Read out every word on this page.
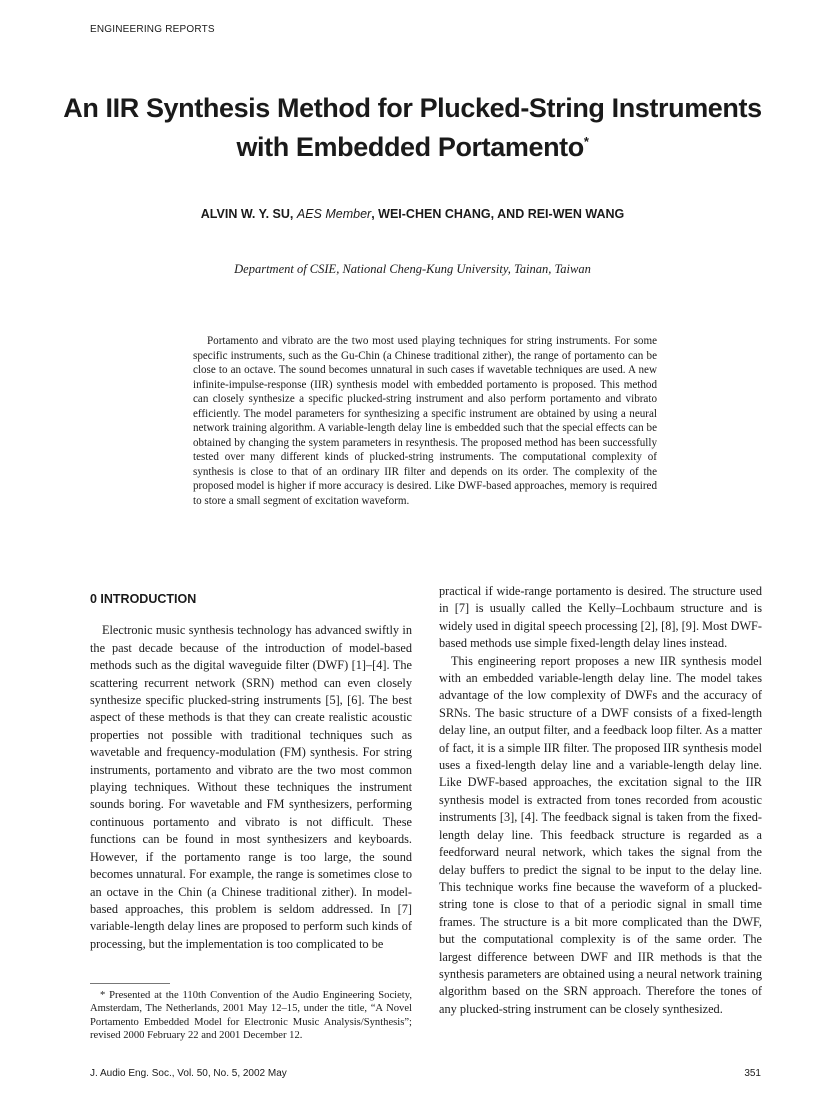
ENGINEERING REPORTS
An IIR Synthesis Method for Plucked-String Instruments
with Embedded Portamento*
ALVIN W. Y. SU, AES Member, WEI-CHEN CHANG, AND REI-WEN WANG
Department of CSIE, National Cheng-Kung University, Tainan, Taiwan
Portamento and vibrato are the two most used playing techniques for string instruments. For some specific instruments, such as the Gu-Chin (a Chinese traditional zither), the range of portamento can be close to an octave. The sound becomes unnatural in such cases if wavetable techniques are used. A new infinite-impulse-response (IIR) synthesis model with embedded portamento is proposed. This method can closely synthesize a specific plucked-string instrument and also perform portamento and vibrato efficiently. The model parameters for synthesizing a specific instrument are obtained by using a neural network training algorithm. A variable-length delay line is embedded such that the special effects can be obtained by changing the system parameters in resynthesis. The proposed method has been successfully tested over many different kinds of plucked-string instruments. The computational complexity of synthesis is close to that of an ordinary IIR filter and depends on its order. The complexity of the proposed model is higher if more accuracy is desired. Like DWF-based approaches, memory is required to store a small segment of excitation waveform.
0 INTRODUCTION

Electronic music synthesis technology has advanced swiftly in the past decade because of the introduction of model-based methods such as the digital waveguide filter (DWF) [1]–[4]. The scattering recurrent network (SRN) method can even closely synthesize specific plucked-string instruments [5], [6]. The best aspect of these methods is that they can create realistic acoustic properties not possible with traditional techniques such as wavetable and frequency-modulation (FM) synthesis. For string instruments, portamento and vibrato are the two most common playing techniques. Without these techniques the instrument sounds boring. For wavetable and FM synthesizers, performing continuous portamento and vibrato is not difficult. These functions can be found in most synthesizers and keyboards. However, if the portamento range is too large, the sound becomes unnatural. For example, the range is sometimes close to an octave in the Chin (a Chinese traditional zither). In model-based approaches, this problem is seldom addressed. In [7] variable-length delay lines are proposed to perform such kinds of processing, but the implementation is too complicated to be

practical if wide-range portamento is desired. The structure used in [7] is usually called the Kelly–Lochbaum structure and is widely used in digital speech processing [2], [8], [9]. Most DWF-based methods use simple fixed-length delay lines instead.

This engineering report proposes a new IIR synthesis model with an embedded variable-length delay line. The model takes advantage of the low complexity of DWFs and the accuracy of SRNs. The basic structure of a DWF consists of a fixed-length delay line, an output filter, and a feedback loop filter. As a matter of fact, it is a simple IIR filter. The proposed IIR synthesis model uses a fixed-length delay line and a variable-length delay line. Like DWF-based approaches, the excitation signal to the IIR synthesis model is extracted from tones recorded from acoustic instruments [3], [4]. The feedback signal is taken from the fixed-length delay line. This feedback structure is regarded as a feedforward neural network, which takes the signal from the delay buffers to predict the signal to be input to the delay line. This technique works fine because the waveform of a plucked-string tone is close to that of a periodic signal in small time frames. The structure is a bit more complicated than the DWF, but the computational complexity is of the same order. The largest difference between DWF and IIR methods is that the synthesis parameters are obtained using a neural network training algorithm based on the SRN approach. Therefore the tones of any plucked-string instrument can be closely synthesized.

* Presented at the 110th Convention of the Audio Engineering Society, Amsterdam, The Netherlands, 2001 May 12–15, under the title, “A Novel Portamento Embedded Model for Electronic Music Analysis/Synthesis”; revised 2000 February 22 and 2001 December 12.
J. Audio Eng. Soc., Vol. 50, No. 5, 2002 May	351
